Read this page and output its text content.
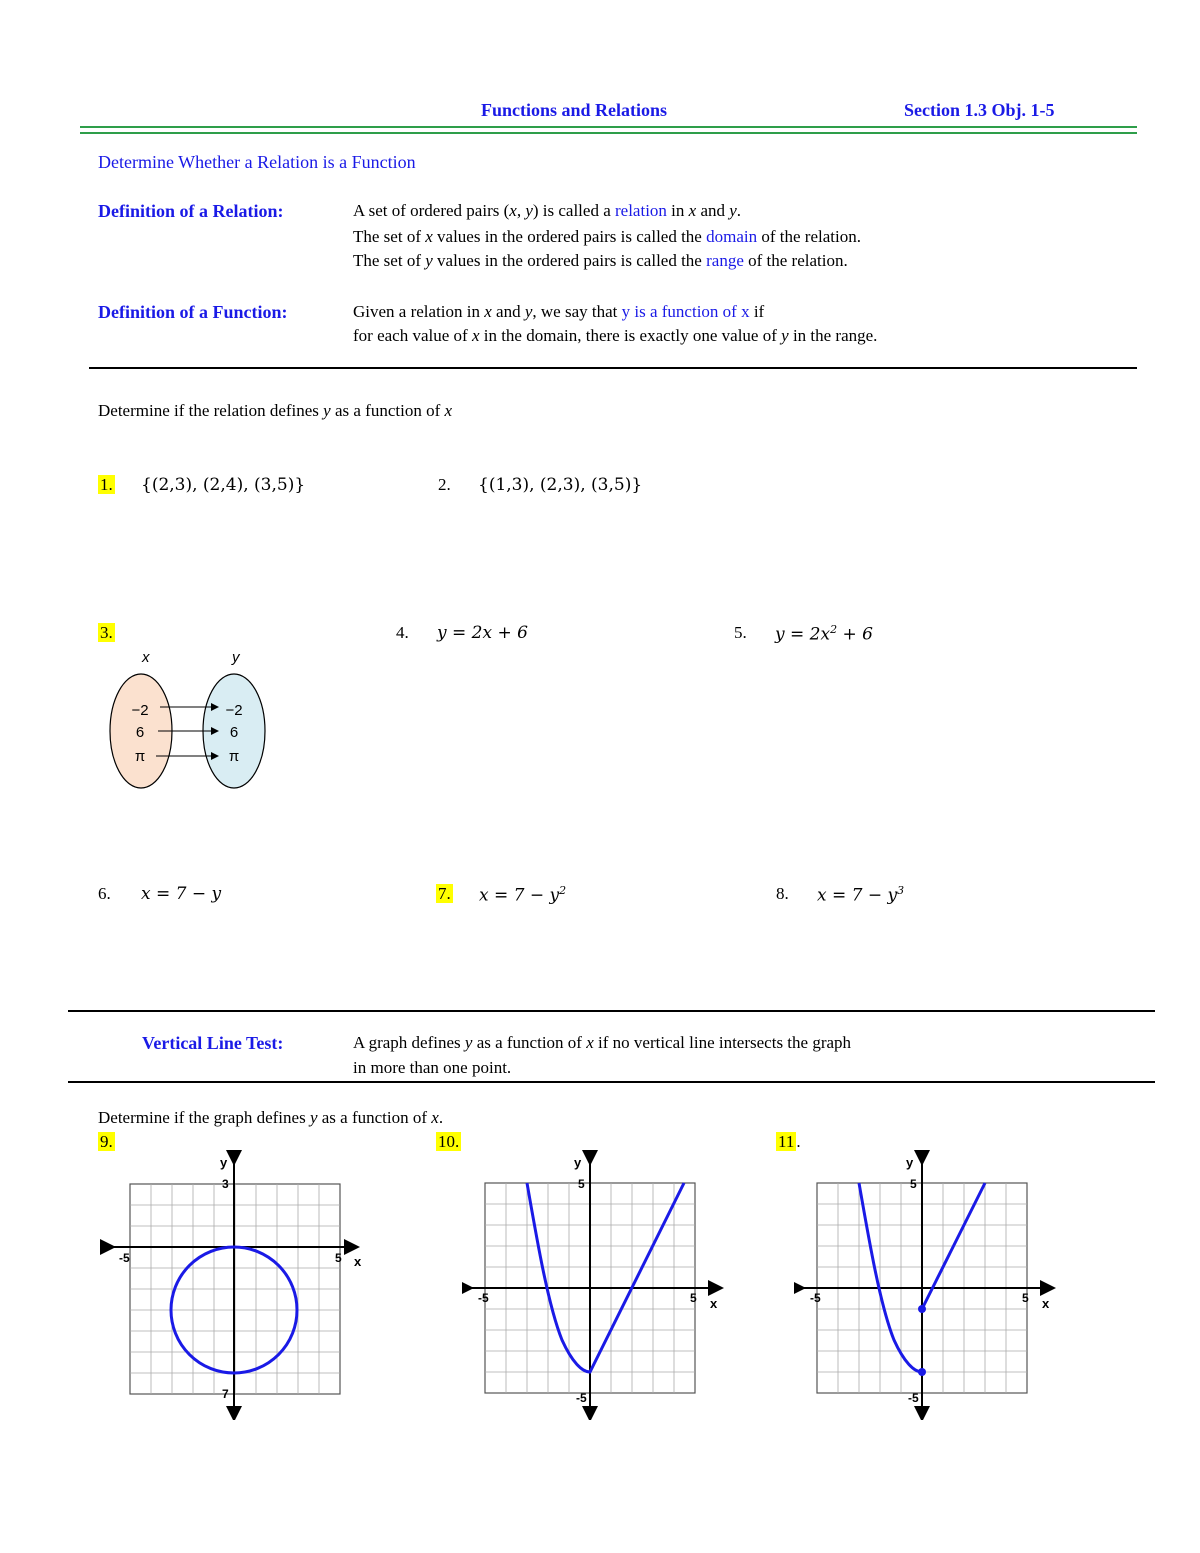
Functions and Relations	Section 1.3 Obj. 1-5
Determine Whether a Relation is a Function
Definition of a Relation:	A set of ordered pairs (x, y) is called a relation in x and y.
The set of x values in the ordered pairs is called the domain of the relation.
The set of y values in the ordered pairs is called the range of the relation.
Definition of a Function:	Given a relation in x and y, we say that y is a function of x if
for each value of x in the domain, there is exactly one value of y in the range.
Determine if the relation defines y as a function of x
1. {(2,3), (2,4), (3,5)}	2. {(1,3), (2,3), (3,5)}
3.	4. y = 2x + 6	5. $y = 2x^2 + 6$
x	y
−2
6
π
−2
6
π
6. x = 7 − y	7. $x = 7 - y^2$	8. $x = 7 - y^3$
Vertical Line Test:	A graph defines y as a function of x if no vertical line intersects the graph
in more than one point.
Determine if the graph defines y as a function of x.
9.	10.	11 .
-5	5
3
7
x
y
-5	5
5
-5
x
y
-5	5
5
-5
x
y
